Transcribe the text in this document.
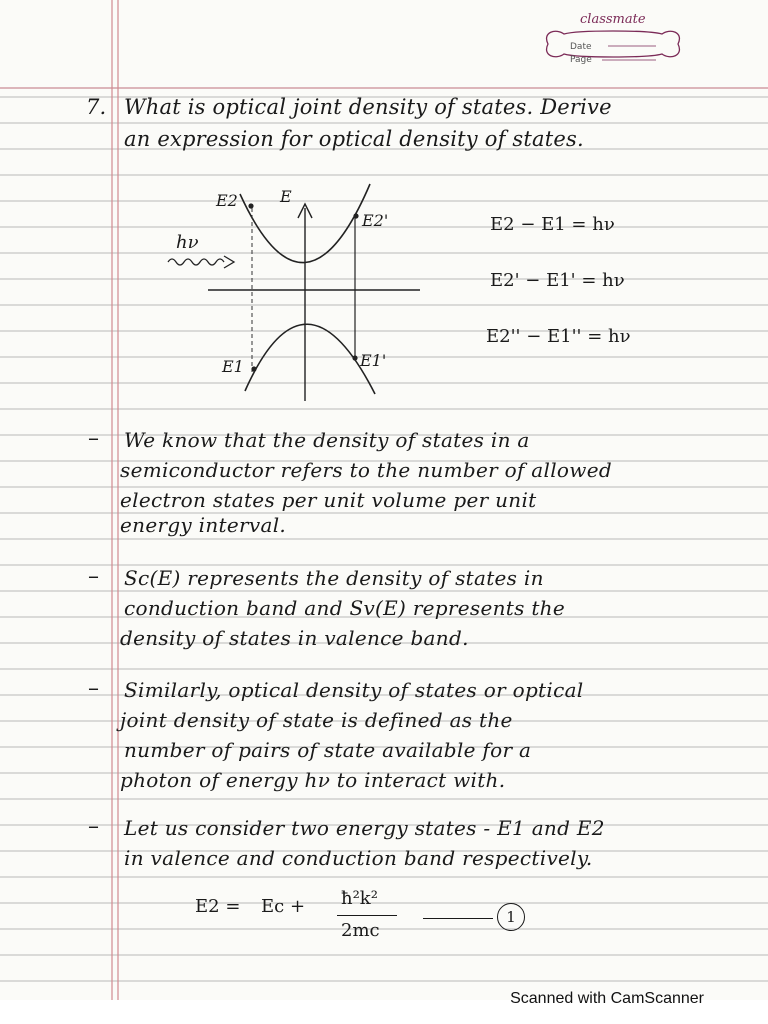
classmate
Date
Page
7. What is optical joint density of states. Derive
an expression for optical density of states.
E2	E
E2'
hν
E1	E1'
E2 − E1 = hν
E2' − E1' = hν
E2'' − E1'' = hν
– We know that the density of states in a
semiconductor refers to the number of allowed
electron states per unit volume per unit
energy interval.
– Sc(E) represents the density of states in
conduction band and Sv(E) represents the
density of states in valence band.
– Similarly, optical density of states or optical
joint density of state is defined as the
number of pairs of state available for a
photon of energy hν to interact with.
– Let us consider two energy states - E1 and E2
in valence and conduction band respectively.
E2 = Ec + ħ²k²
2mc
1
Scanned with CamScanner
